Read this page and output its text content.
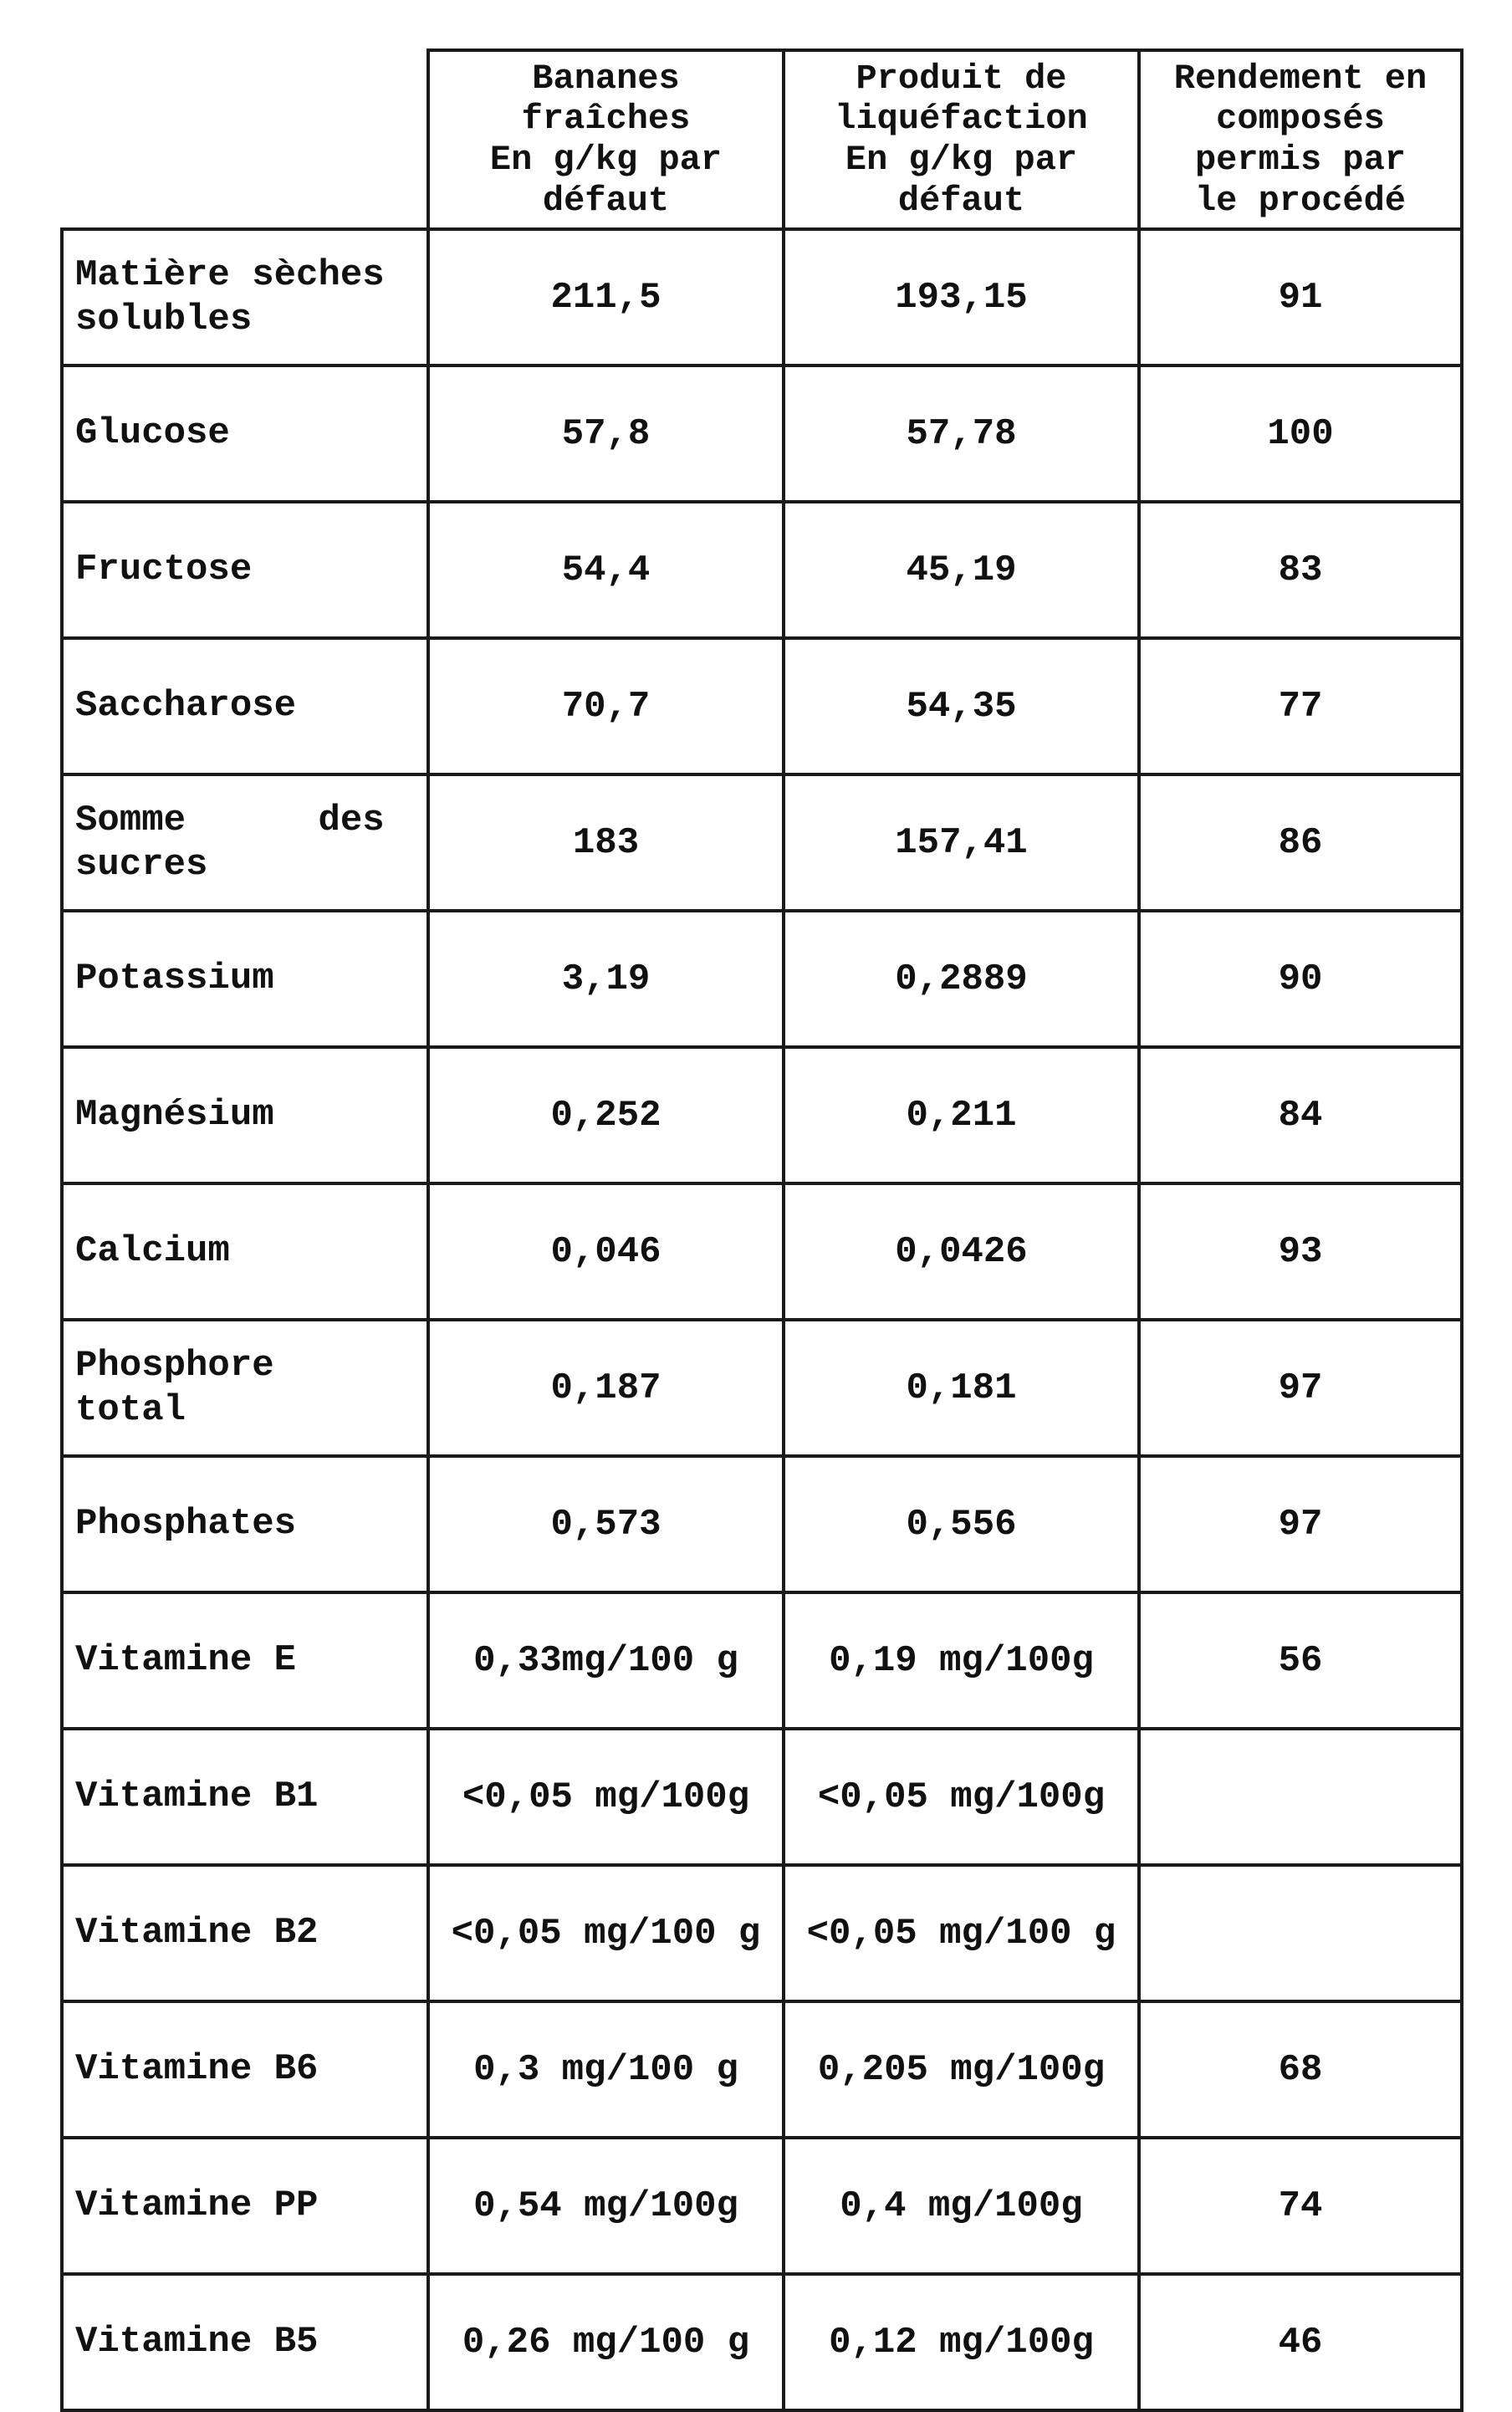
	Bananes
fraîches
En g/kg par
défaut	Produit de
liquéfaction
En g/kg par
défaut	Rendement en
composés
permis par
le procédé
Matière sèches
solubles	211,5	193,15	91
Glucose	57,8	57,78	100
Fructose	54,4	45,19	83
Saccharose	70,7	54,35	77
Somme      des
sucres	183	157,41	86
Potassium	3,19	0,2889	90
Magnésium	0,252	0,211	84
Calcium	0,046	0,0426	93
Phosphore
total	0,187	0,181	97
Phosphates	0,573	0,556	97
Vitamine E	0,33mg/100 g	0,19 mg/100g	56
Vitamine B1	<0,05 mg/100g	<0,05 mg/100g	
Vitamine B2	<0,05 mg/100 g	<0,05 mg/100 g	
Vitamine B6	0,3 mg/100 g	0,205 mg/100g	68
Vitamine PP	0,54 mg/100g	0,4 mg/100g	74
Vitamine B5	0,26 mg/100 g	0,12 mg/100g	46
